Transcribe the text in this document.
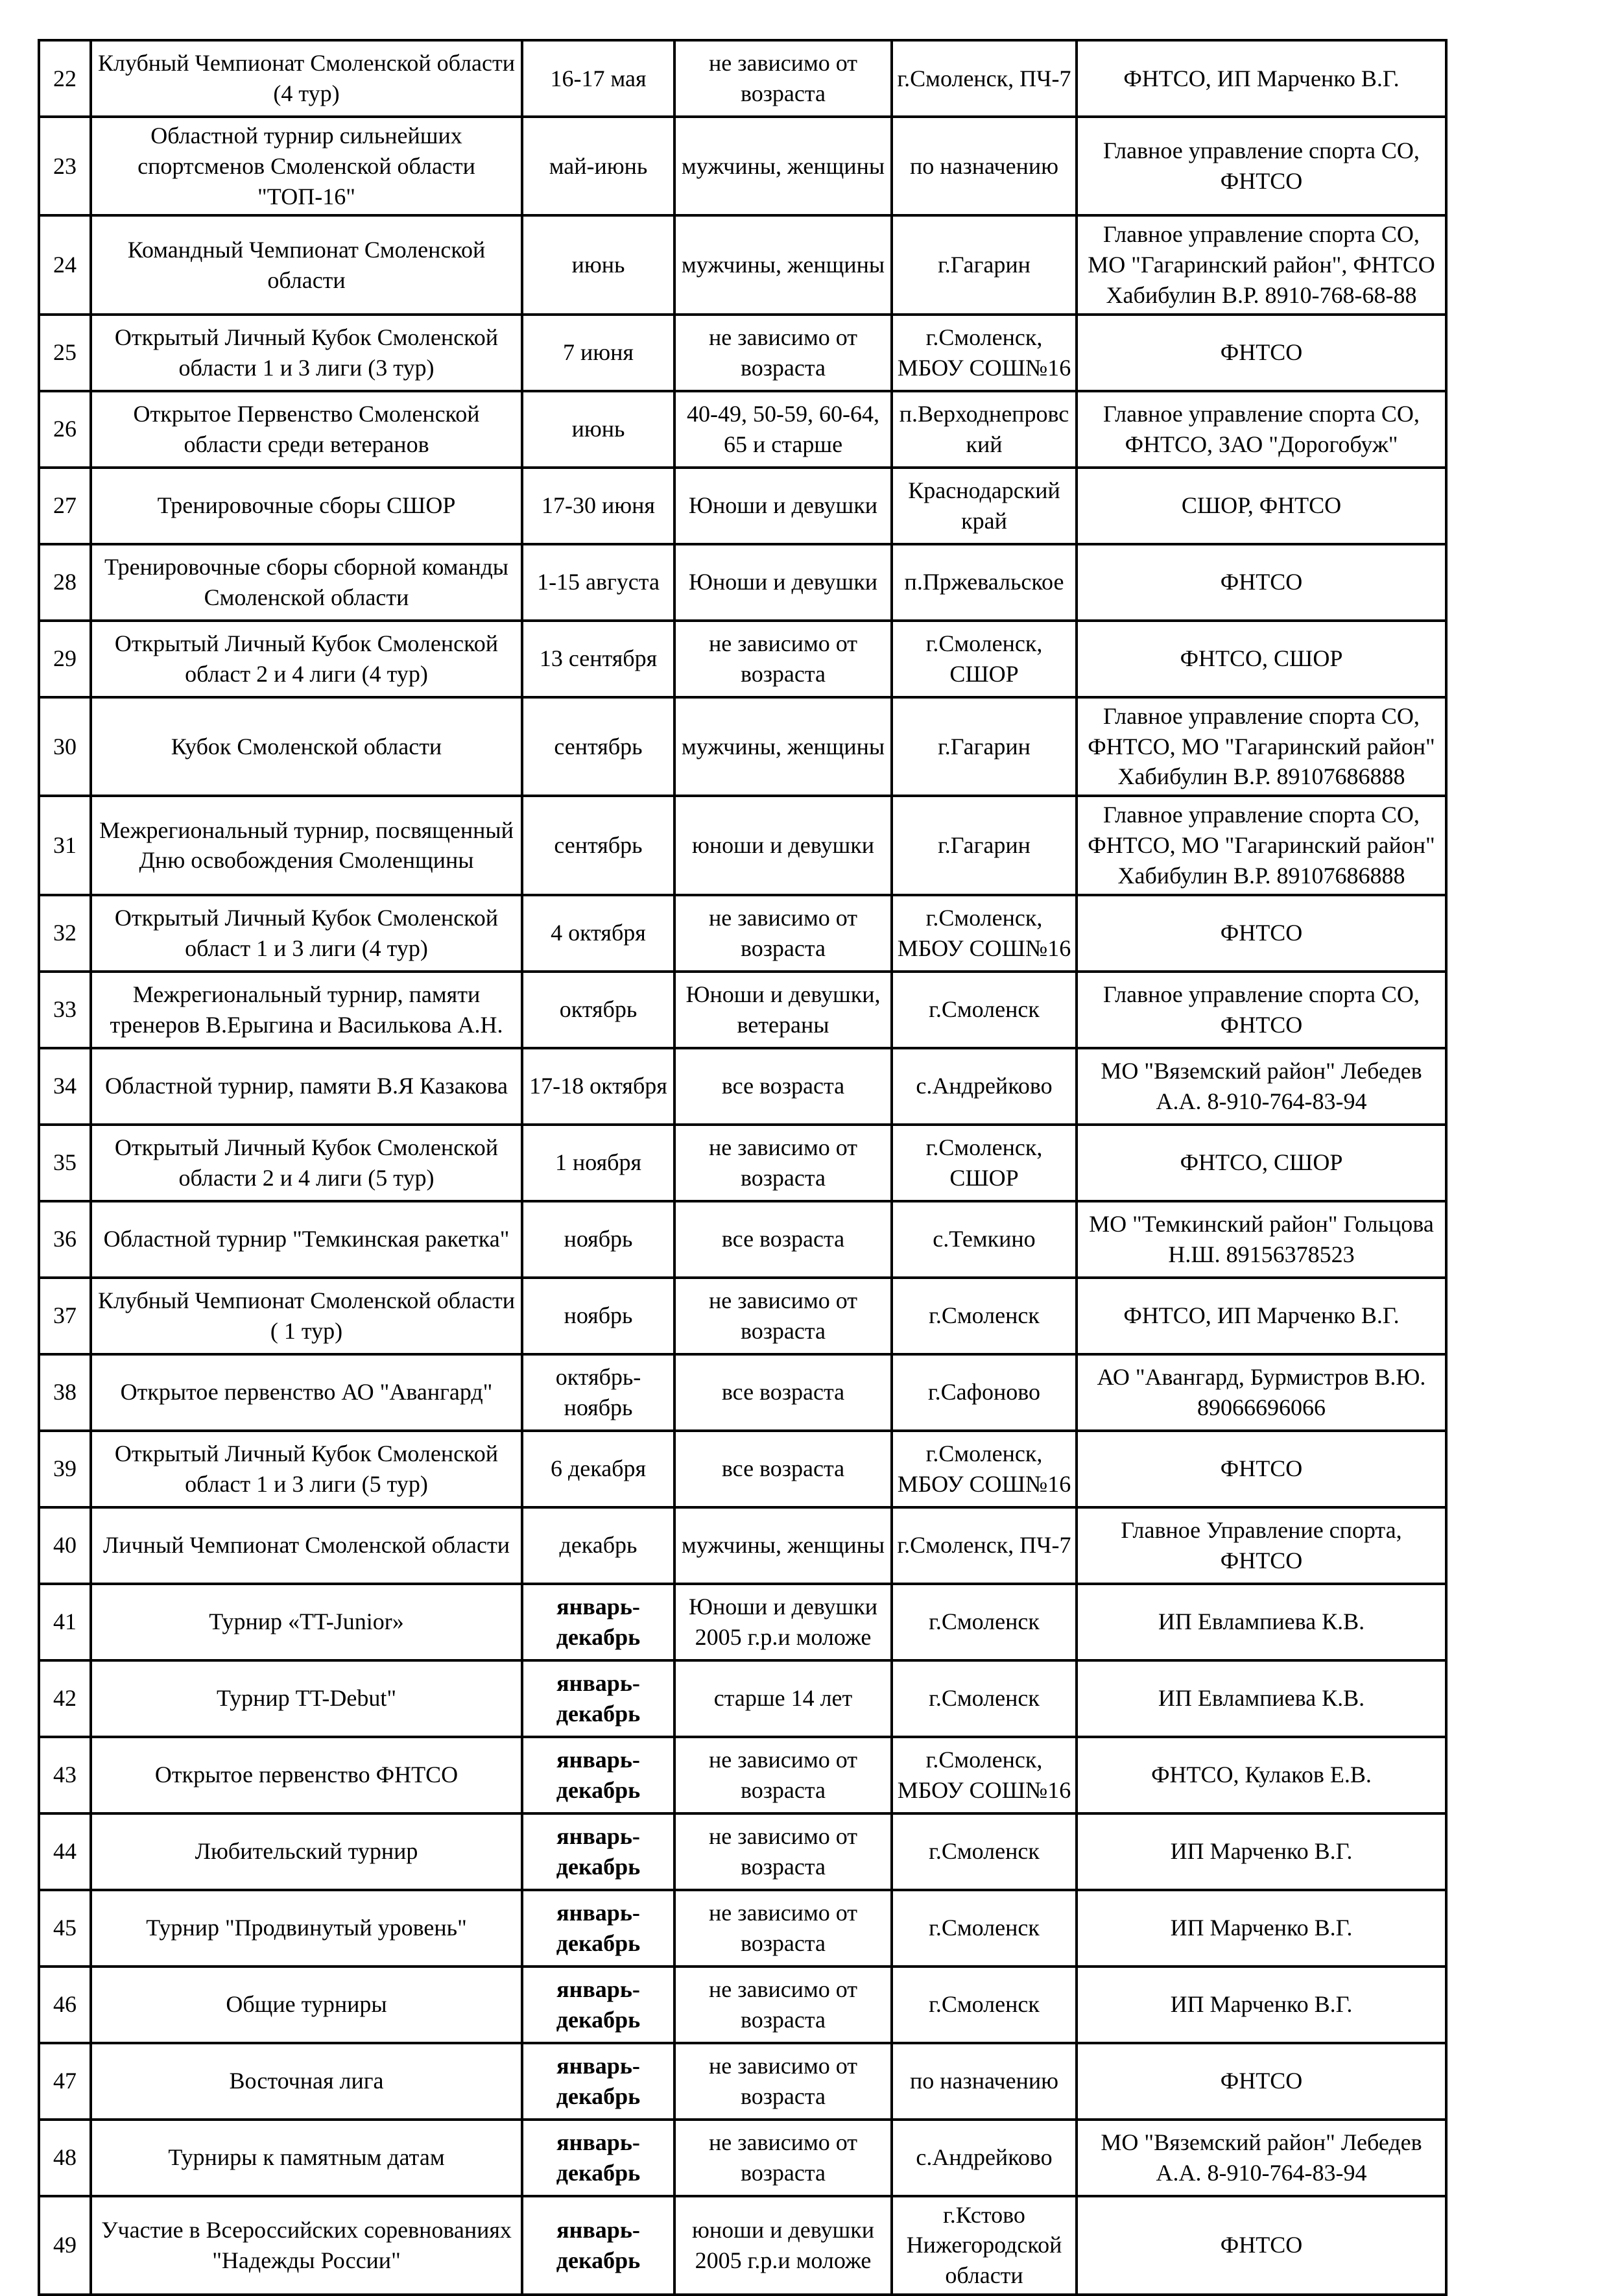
22	Клубный Чемпионат Смоленской области (4 тур)	16-17 мая	не зависимо от возраста	г.Смоленск, ПЧ-7	ФНТСО, ИП Марченко В.Г.
23	Областной турнир сильнейших спортсменов Смоленской области "ТОП-16"	май-июнь	мужчины, женщины	по назначению	Главное управление спорта СО, ФНТСО
24	Командный Чемпионат Смоленской области	июнь	мужчины, женщины	г.Гагарин	Главное управление спорта СО, МО "Гагаринский район", ФНТСО Хабибулин В.Р. 8910-768-68-88
25	Открытый Личный Кубок Смоленской области 1 и 3 лиги (3 тур)	7 июня	не зависимо от возраста	г.Смоленск, МБОУ СОШ№16	ФНТСО
26	Открытое Первенство Смоленской области среди ветеранов	июнь	40-49, 50-59, 60-64, 65 и старше	п.Верходнепровский	Главное управление спорта СО, ФНТСО, ЗАО "Дорогобуж"
27	Тренировочные сборы СШОР	17-30 июня	Юноши и девушки	Краснодарский край	СШОР, ФНТСО
28	Тренировочные сборы сборной команды Смоленской области	1-15 августа	Юноши и девушки	п.Пржевальское	ФНТСО
29	Открытый Личный Кубок Смоленской област 2 и 4 лиги (4 тур)	13 сентября	не зависимо от возраста	г.Смоленск, СШОР	ФНТСО, СШОР
30	Кубок Смоленской области	сентябрь	мужчины, женщины	г.Гагарин	Главное управление спорта СО, ФНТСО, МО "Гагаринский район" Хабибулин В.Р. 89107686888
31	Межрегиональный турнир, посвященный Дню освобождения Смоленщины	сентябрь	юноши и девушки	г.Гагарин	Главное управление спорта СО, ФНТСО, МО "Гагаринский район" Хабибулин В.Р. 89107686888
32	Открытый Личный Кубок Смоленской област 1 и 3 лиги (4 тур)	4 октября	не зависимо от возраста	г.Смоленск, МБОУ СОШ№16	ФНТСО
33	Межрегиональный турнир, памяти тренеров В.Ерыгина и Василькова А.Н.	октябрь	Юноши и девушки, ветераны	г.Смоленск	Главное управление спорта СО, ФНТСО
34	Областной турнир, памяти В.Я Казакова	17-18 октября	все возраста	с.Андрейково	МО "Вяземский район" Лебедев А.А. 8-910-764-83-94
35	Открытый Личный Кубок Смоленской области 2 и 4 лиги (5 тур)	1 ноября	не зависимо от возраста	г.Смоленск, СШОР	ФНТСО, СШОР
36	Областной турнир "Темкинская ракетка"	ноябрь	все возраста	с.Темкино	МО "Темкинский район" Гольцова Н.Ш. 89156378523
37	Клубный Чемпионат Смоленской области ( 1 тур)	ноябрь	не зависимо от возраста	г.Смоленск	ФНТСО, ИП Марченко В.Г.
38	Открытое первенство АО "Авангард"	октябрь-ноябрь	все возраста	г.Сафоново	АО "Авангард, Бурмистров В.Ю. 89066696066
39	Открытый Личный Кубок Смоленской област 1 и 3 лиги (5 тур)	6 декабря	все возраста	г.Смоленск, МБОУ СОШ№16	ФНТСО
40	Личный Чемпионат Смоленской области	декабрь	мужчины, женщины	г.Смоленск, ПЧ-7	Главное Управление спорта, ФНТСО
41	Турнир «TT-Junior»	январь-декабрь	Юноши и девушки 2005 г.р.и моложе	г.Смоленск	ИП Евлампиева К.В.
42	Турнир TT-Debut"	январь-декабрь	старше 14 лет	г.Смоленск	ИП Евлампиева К.В.
43	Открытое первенство ФНТСО	январь-декабрь	не зависимо от возраста	г.Смоленск, МБОУ СОШ№16	ФНТСО, Кулаков Е.В.
44	Любительский турнир	январь-декабрь	не зависимо от возраста	г.Смоленск	ИП Марченко В.Г.
45	Турнир "Продвинутый уровень"	январь-декабрь	не зависимо от возраста	г.Смоленск	ИП Марченко В.Г.
46	Общие турниры	январь-декабрь	не зависимо от возраста	г.Смоленск	ИП Марченко В.Г.
47	Восточная лига	январь-декабрь	не зависимо от возраста	по назначению	ФНТСО
48	Турниры к памятным датам	январь-декабрь	не зависимо от возраста	с.Андрейково	МО "Вяземский район" Лебедев А.А. 8-910-764-83-94
49	Участие в Всероссийских соревнованиях "Надежды России"	январь-декабрь	юноши и девушки 2005 г.р.и моложе	г.Кстово Нижегородской области	ФНТСО
